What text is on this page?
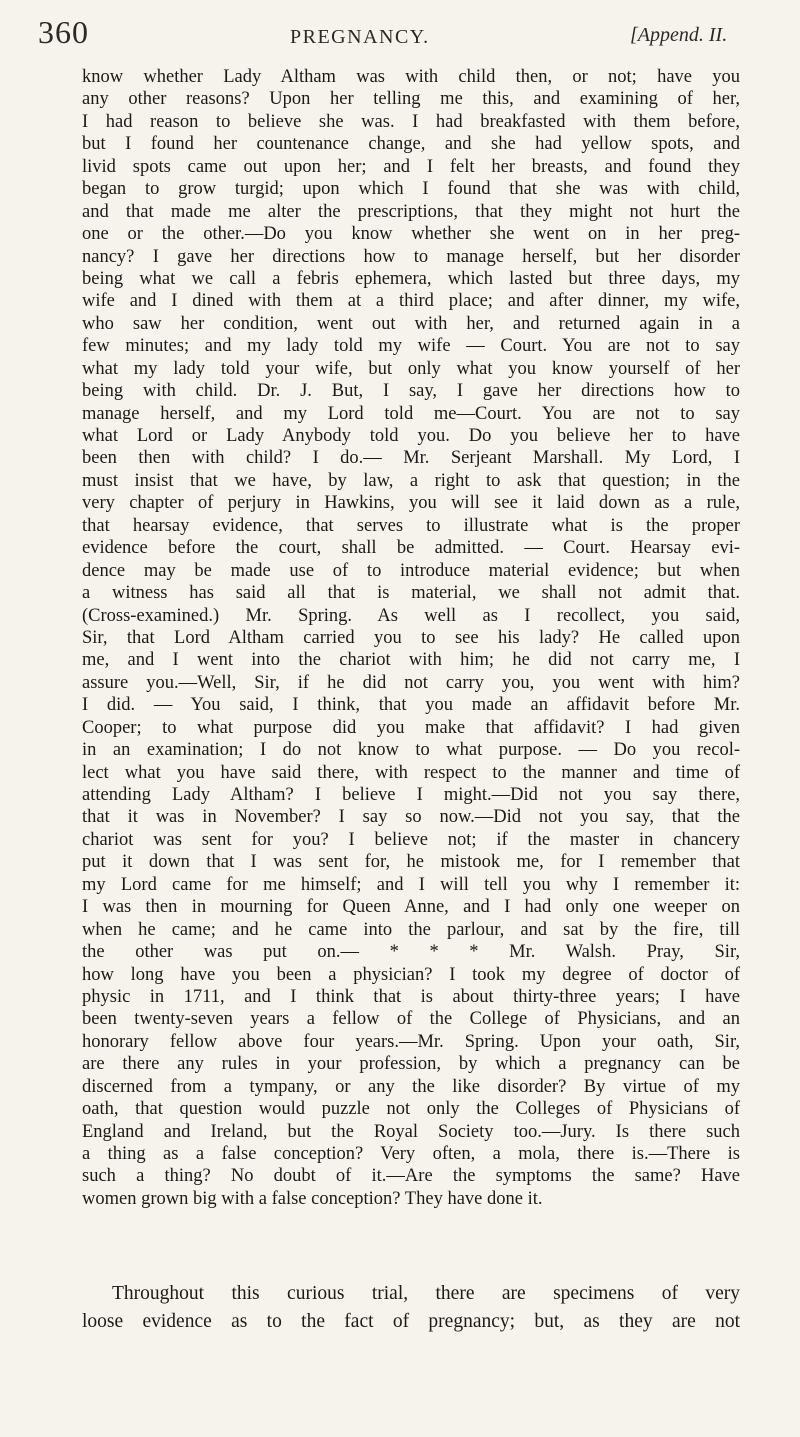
360	PREGNANCY.	[Append. II.
know whether Lady Altham was with child then, or not; have you
any other reasons? Upon her telling me this, and examining of her,
I had reason to believe she was. I had breakfasted with them before,
but I found her countenance change, and she had yellow spots, and
livid spots came out upon her; and I felt her breasts, and found they
began to grow turgid; upon which I found that she was with child,
and that made me alter the prescriptions, that they might not hurt the
one or the other.—Do you know whether she went on in her preg-
nancy? I gave her directions how to manage herself, but her disorder
being what we call a febris ephemera, which lasted but three days, my
wife and I dined with them at a third place; and after dinner, my wife,
who saw her condition, went out with her, and returned again in a
few minutes; and my lady told my wife — Court. You are not to say
what my lady told your wife, but only what you know yourself of her
being with child. Dr. J. But, I say, I gave her directions how to
manage herself, and my Lord told me—Court. You are not to say
what Lord or Lady Anybody told you. Do you believe her to have
been then with child? I do.— Mr. Serjeant Marshall. My Lord, I
must insist that we have, by law, a right to ask that question; in the
very chapter of perjury in Hawkins, you will see it laid down as a rule,
that hearsay evidence, that serves to illustrate what is the proper
evidence before the court, shall be admitted. — Court. Hearsay evi-
dence may be made use of to introduce material evidence; but when
a witness has said all that is material, we shall not admit that.
(Cross-examined.) Mr. Spring. As well as I recollect, you said,
Sir, that Lord Altham carried you to see his lady? He called upon
me, and I went into the chariot with him; he did not carry me, I
assure you.—Well, Sir, if he did not carry you, you went with him?
I did. — You said, I think, that you made an affidavit before Mr.
Cooper; to what purpose did you make that affidavit? I had given
in an examination; I do not know to what purpose. — Do you recol-
lect what you have said there, with respect to the manner and time of
attending Lady Altham? I believe I might.—Did not you say there,
that it was in November? I say so now.—Did not you say, that the
chariot was sent for you? I believe not; if the master in chancery
put it down that I was sent for, he mistook me, for I remember that
my Lord came for me himself; and I will tell you why I remember it:
I was then in mourning for Queen Anne, and I had only one weeper on
when he came; and he came into the parlour, and sat by the fire, till
the other was put on.— * * * Mr. Walsh. Pray, Sir,
how long have you been a physician? I took my degree of doctor of
physic in 1711, and I think that is about thirty-three years; I have
been twenty-seven years a fellow of the College of Physicians, and an
honorary fellow above four years.—Mr. Spring. Upon your oath, Sir,
are there any rules in your profession, by which a pregnancy can be
discerned from a tympany, or any the like disorder? By virtue of my
oath, that question would puzzle not only the Colleges of Physicians of
England and Ireland, but the Royal Society too.—Jury. Is there such
a thing as a false conception? Very often, a mola, there is.—There is
such a thing? No doubt of it.—Are the symptoms the same? Have
women grown big with a false conception? They have done it.
Throughout this curious trial, there are specimens of very
loose evidence as to the fact of pregnancy; but, as they are not
